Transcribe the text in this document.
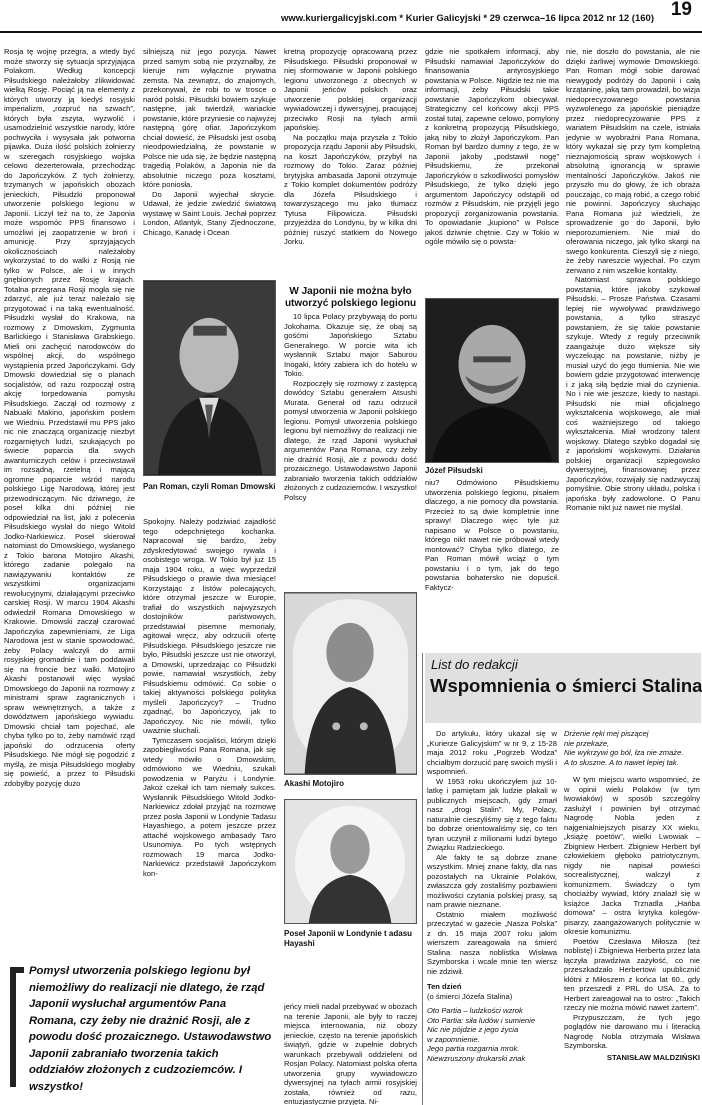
www.kuriergalicyjski.com * Kurier Galicyjski * 29 czerwca–16 lipca 2012 nr 12 (160) 19

Rosja tę wojnę przegra, a wtedy być może stworzy się sytuacja sprzyjająca Polakom. Według koncepcji Piłsudskiego należałoby zlikwidować wielką Rosję. Pociąć ją na elementy z których utworzy ją kiedyś rosyjski imperializm, „rozpruć na szwach”, których była zszyta, wyzwolić i usamodzielnić wszystkie narody, które pochwyciła i wysysała jak potworna pijawka. Duża ilość polskich żołnierzy w szeregach rosyjskiego wojska celowo dezerterowała, przechodząc do Japończyków. Z tych żołnierzy, trzymanych w japońskich obozach jenieckich, Piłsudzki proponował utworzenie polskiego legionu w Japonii. Liczył też na to, że Japonia może wspomóc PPS finansowo i umożliwi jej zaopatrzenie w broń i amunicję. Przy sprzyjających okolicznościach należałoby wykorzystać to do walki z Rosją nie tylko w Polsce, ale i w innych gnębionych przez Rosję krajach. Totalna przegrana Rosji mogła się nie zdarzyć, ale już teraz należało się przygotować i na taką ewentualność. Piłsudzki wysłał do Krakowa, na rozmowy z Dmowskim, Zygmunta Barlickiego i Stanisława Grabskiego. Mieli oni zachęcić narodowców do wspólnej akcji, do wspólnego wystąpienia przed Japończykami. Gdy Dmowski dowiedział się o planach socjalistów, od razu rozpoczął ostrą akcję torpedowania pomysłu Piłsudskiego. Zaczął od rozmowy z Nabuaki Makino, japońskim posłem we Wiedniu. Przedstawił mu PPS jako nic nie znaczącą organizację niezbyt rozgarniętych ludzi, szukających po świecie poparcia dla swych awanturniczych celów i przeciwstawił im rozsądną, rzetelną i mającą ogromne poparcie wśród narodu polskiego Ligę Narodową, której jest przewodniczącym. Nic dziwnego, że poseł kilka dni później nie odpowiedział na list, jaki z polecenia Piłsudskiego wysłał do niego Witold Jodko-Narkiewicz. Poseł skierował natomiast do Dmowskiego, wysłanego z Tokio barona Motojiro Akashi, którego zadanie polegało na nawiązywaniu kontaktów ze wszystkimi organizacjami rewolucyjnymi, działającymi przeciwko carskiej Rosji. W marcu 1904 Akashi odwiedził Romana Dmowskiego w Krakowie. Dmowski zaczął czarować Japończyka zapewnieniami, że Liga Narodowa jest w stanie spowodować, żeby Polacy walczyli do armii rosyjskiej gromadnie i tam poddawali się na froncie bez walki. Motojiro Akashi postanowił więc wysłać Dmowskiego do Japonii na rozmowy z ministrami spraw zagranicznych i spraw wewnętrznych, a także z dowództwem japońskiego wywiadu. Dmowski chciał tam pojechać, ale chyba tylko po to, żeby namówić rząd japoński do odrzucenia oferty Piłsudskiego. Nie mógł się pogodzić z myślą, że misja Piłsudskiego mogłaby się powieść, a przez to Piłsudski zdobyłby pozycję dużo

silniejszą niż jego pozycja. Nawet przed samym sobą nie przyznałby, że kieruje nim wyłącznie prywatna zemsta. Na zewnątrz, do znajomych, przekonywał, że robi to w trosce o naród polski. Piłsudski bowiem szykuje następne, jak twierdził, wariackie powstanie, które przyniesie co najwyżej następną górę ofiar. Japończykom chciał dowieść, że Piłsudski jest osobą nieodpowiedzialną, że powstanie w Polsce nie uda się, że będzie następną tragedią Polaków, a Japonia nie da absolutnie niczego poza kosztami, które poniosła.

Do Japonii wyjechał skrycie. Udawał, że jedzie zwiedzić światową wystawę w Saint Louis. Jechał poprzez London, Atlantyk, Stany Zjednoczone, Chicago, Kanadę i Ocean

Pan Roman, czyli Roman Dmowski

Spokojny. Należy podziwiać zajadłość tego odepchniętego kochanka. Napracował się bardzo, żeby zdyskredytować swojego rywala i osobistego wroga. W Tokio był już 15 maja 1904 roku, a więc wyprzedził Piłsudskiego o prawie dwa miesiące! Korzystając z listów polecających, które otrzymał jeszcze w Europie, trafiał do wszystkich najwyższych dostojników państwowych, przedstawiał pisemne memoriały, agitował wręcz, aby odrzucili ofertę Piłsudskiego. Piłsudskiego jeszcze nie było, Piłsudski jeszcze ust nie otworzył, a Dmowski, uprzedzając co Piłsudzki powie, namawiał wszystkich, żeby Piłsudskiemu odmówić. Co sobie o takiej aktywności polskiego polityka myśleli Japończycy? – Trudno zgadnąć, bo Japończycy, jak to Japończycy. Nic nie mówili, tylko uważnie słuchali.

Tymczasem socjaliści, którym dzięki zapobiegliwości Pana Romana, jak się wtedy mówiło o Dmowskim, odmówiono we Wiedniu, szukali powodzenia w Paryżu i Londynie. Jakoż czekał ich tam niemały sukces. Wysłannik Piłsudskiego Witold Jodko-Narkiewicz zdołał przyjąć na rozmowę przez posła Japonii w Londynie Tadasu Hayashiego, a potem jeszcze przez attaché wojskowego ambasady Taro Usunomiya. Po tych wstępnych rozmowach 19 marca Jodko-Narkiewicz przedstawił Japończykom kon-

kretną propozycję opracowaną przez Piłsudskiego. Piłsudski proponował w niej sformowanie w Japonii polskiego legionu utworzonego z obecnych w Japonii jeńców polskich oraz utworzenie polskiej organizacji wywiadowczej i dywersyjnej, pracującej przeciwko Rosji na tyłach armii japońskiej.

Na początku maja przyszła z Tokio propozycja rządu Japonii aby Piłsudski, na koszt Japończyków, przybył na rozmowy do Tokio. Zaraz później brytyjska ambasada Japonii otrzymuje z Tokio komplet dokumentów podróży dla Józefa Piłsudskiego i towarzyszącego mu jako tłumacz Tytusa Filipowicza. Piłsudski przyjeżdża do Londynu, by w kilka dni później ruszyć statkiem do Nowego Jorku.

W Japonii nie można było utworzyć polskiego legionu

10 lipca Polacy przybywają do portu Jokohama. Okazuje się, że obaj są gośćmi Japońskiego Sztabu Generalnego. W porcie wita ich wysłannik Sztabu major Saburou Inogaki, który zabiera ich do hotelu w Tokio.

Rozpoczęły się rozmowy z zastępcą dowódcy Sztabu generałem Atsushi Murata. Generał od razu odrzucił pomysł utworzenia w Japonii polskiego legionu. Pomysł utworzenia polskiego legionu był niemożliwy do realizacji nie dlatego, że rząd Japonii wysłuchał argumentów Pana Romana, czy żeby nie drażnić Rosji, ale z powodu dość prozaicznego. Ustawodawstwo Japonii zabraniało tworzenia takich oddziałów złożonych z cudzoziemców. I wszystko! Polscy

Akashi Motojiro
Poseł Japonii w Londynie t adasu Hayashi

gdzie nie spotkałem informacji, aby Piłsudski namawiał Japończyków do finansowania antyrosyjskiego powstania w Polsce. Nigdzie też nie ma informacji, żeby Piłsudski takie powstanie Japończykom obiecywał. Strategiczny cel końcowy akcji PPS został tutaj, zapewne celowo, pomylony z konkretną propozycją Piłsudskiego, jaką niby to złożył Japończykom. Pan Roman był bardzo dumny z tego, że w Japonii jakoby „podstawił nogę” Piłsudskiemu, że przekonał Japończyków o szkodliwości pomysłów Piłsudskiego, że tylko dzięki jego argumentom Japończycy odstąpili od rozmów z Piłsudskim, nie przyjęli jego propozycji zorganizowania powstania. To opowiadanie „kupiono” w Polsce jakoś dziwnie chętnie. Czy w Tokio w ogóle mówiło się o powsta-

Józef Piłsudski

niu? Odmówiono Piłsudskiemu utworzenia polskiego legionu, pisałem dlaczego, a nie pomocy dla powstania. Przecież to są dwie kompletnie inne sprawy! Dlaczego więc tyle już napisano w Polsce o powstaniu, którego nikt nawet nie próbował wtedy montować? Chyba tylko dlatego, że Pan Roman mówił wciąż o tym powstaniu i o tym, jak do tego powstania bohatersko nie dopuścił. Faktycz-

nie, nie doszło do powstania, ale nie dzięki żarliwej wymowie Dmowskiego. Pan Roman mógł sobie darować niewygody podróży do Japonii i całą krzątaninę, jaką tam prowadził, bo wizja niedoprecyzowanego powstania wyzwolenego za japońskie pieniądze przez niedoprecyzowanie PPS z wariatem Piłsudskim na czele, istniała jedynie w wyobraźni Pana Romana, który wykazał się przy tym kompletną nieznajomością spraw wojskowych i absolutną ignorancją w sprawie mentalności Japończyków. Jakoś nie przyszło mu do głowy, że ich obraża pouczając, co mają robić, a czego robić nie powinni. Japończycy słuchając Pana Romana już wiedzieli, że sprowadzenie go do Japonii, było nieporozumieniem. Nie miał do oferowania niczego, jak tylko skargi na swego konkurenta. Cieszyli się z niego, że żeby nareszcie wyjechał. Po czym zerwano z nim wszelkie kontakty.

Natomiast sprawa polskiego powstania, które jakoby szykował Piłsudski. – Prosze Państwa. Czasami lepiej nie wywoływać prawdziwego powstania, a tylko straszyć powstaniem, że się takie powstanie szykuje. Wtedy z reguły przeciwnik zaangażuje dużo większe siły wyczekując na powstanie, niżby je musiał użyć do jego tłumienia. Nie wie bowiem gdzie przygotować interwencję i z jaką siłą będzie miał do czynienia. No i nie wie jeszcze, kiedy to nastąpi. Piłsudski nie miał oficjalnego wykształcenia wojskowego, ale miał coś ważniejszego od takiego wykształcenia. Miał wrodzony talent wojskowy. Dlatego szybko dogadał się z japońskimi wojskowymi. Działania polskiej organizacji szpiegowsko dywersyjnej, finansowanej przez Japończyków, rozwijały się nadzwyczaj pomyślnie. Obie strony układu, polska i japońska były zadowolone. O Panu Romanie nikt już nawet nie myślał.

Pomysł utworzenia polskiego legionu był niemożliwy do realizacji nie dlatego, że rząd Japonii wysłuchał argumentów Pana Romana, czy żeby nie drażnić Rosji, ale z powodu dość prozaicznego. Ustawodawstwo Japonii zabraniało tworzenia takich oddziałów złożonych z cudzoziemców. I wszystko!

jeńcy mieli nadal przebywać w obozach na terenie Japonii, ale były to raczej miejsca internowania, niż obozy jenieckie, często na terenie japońskich świątyń, gdzie w zupełnie dobrych warunkach przebywali oddzieleni od Rosjan Polacy. Natomiast polska oferta utworzenia grupy wywiadowczo dywersyjnej na tyłach armii rosyjskiej została, również od razu, entuzjastycznie przyjęta. Ni-

List do redakcji
Wspomnienia o śmierci Stalina

Do artykułu, który ukazał się w „Kurierze Galicyjskim” w nr 9, z 15-28 maja 2012 roku „Pogrzeb Wodza” chciałbym dorzucić parę swoich myśli i wspomnień.

W 1953 roku ukończyłem już 10-latkę i pamiętam jak ludzie płakali w publicznych miejscach, gdy zmarł nasz „drogi Stalin”. My, Polacy, naturalnie cieszyliśmy się z tego faktu bo dobrze orientowaliśmy się, co ten tyran uczynił z milionami ludzi bytego Związku Radzieckiego.

Ale fakty te są dobrze znane wszystkim. Mniej znane fakty, dla nas pozostałych na Ukrainie Polaków, zwłaszcza gdy zostaliśmy pozbawieni możliwości czytania polskiej prasy, są nam prawie nieznane.

Ostatnio miałem możliwość przeczytać w gazecie „Nasza Polska” z dn. 15 maja 2007 roku jakim wierszem zareagowała na śmierć Stalina nasza noblistka Wisława Szymborska i wcale mnie ten wiersz nie zdziwił.

Ten dzień

(o śmierci Józefa Stalina)

Oto Partia – ludzkości wzrok

Oto Partia: siła ludów i sumienie

Nic nie pójdzie z jego życia

w zapomnienie.

Jego partia rozgarnia mrok.

Niewzruszony drukarski znak

Drżenie ręki mej piszącej

nie przekaże,

Nie wykrzywi go ból, łza nie zmaże.

A to słuszne. A to nawet lepiej tak.

W tym miejscu warto wspomnieć, że w opinii wielu Polaków (w tym lwowiaków) w sposób szczególny zasłużył i powinien był otrzymać Nagrodę Nobla jeden z najgenialniejszych pisarzy XX wieku, „książę poetów”, wielki Lwowiak – Zbigniew Herbert. Zbigniew Herbert był człowiekiem głęboko patriotycznym, nigdy nie napisał powieści socrealistycznej, walczył z komunizmem. Świadczy o tym chociażby wywiad, który znalazł się w książce Jacka Trznadla „Hańba domowa” – ostra krytyka kolegów-pisarzy, zaangażowanych politycznie w okresie komunizmu.

Poetów Czesława Miłosza (też noblistę) i Zbigniewa Herberta przez lata łączyła prawdziwa zażyłość, co nie przeszkadzało Herbertowi upublicznić kłótni z Miłoszem z końca lat 60., gdy ten przeszedł z PRL do USA. Za to Herbert zareagował na to ostro: „Takich rzeczy nie można mówić nawet żartem”.

Przypuszczam, że tych jego poglądów nie darowano mu i literacką Nagrodę Nobla otrzymała Wisława Szymborska.

STANISŁAW MALDZIŃSKI
